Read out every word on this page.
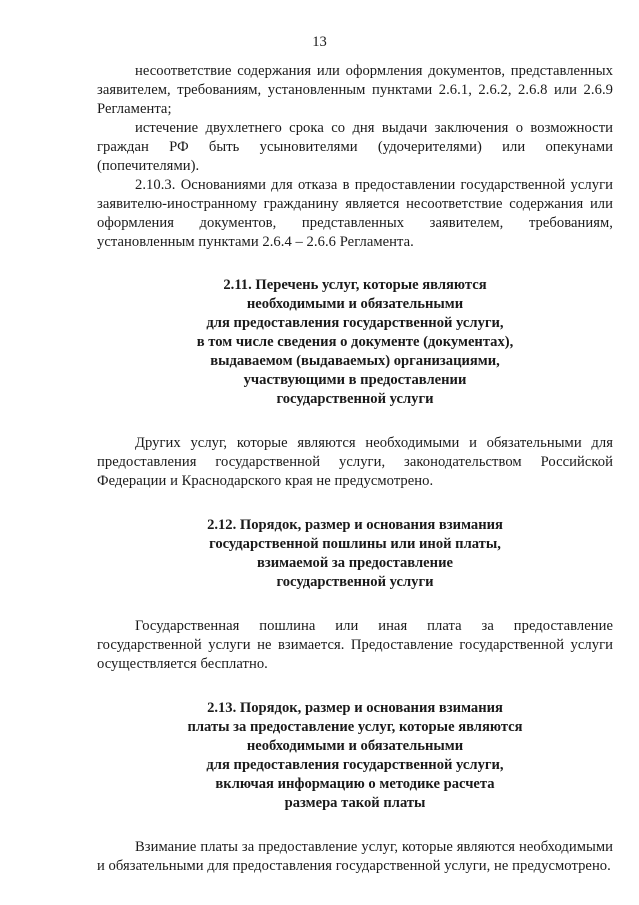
13

несоответствие содержания или оформления документов, представленных заявителем, требованиям, установленным пунктами 2.6.1, 2.6.2, 2.6.8 или 2.6.9 Регламента;

истечение двухлетнего срока со дня выдачи заключения о возможности граждан РФ быть усыновителями (удочерителями) или опекунами (попечителями).

2.10.3. Основаниями для отказа в предоставлении государственной услуги заявителю-иностранному гражданину является несоответствие содержания или оформления документов, представленных заявителем, требованиям, установленным пунктами 2.6.4 – 2.6.6 Регламента.

2.11. Перечень услуг, которые являются
необходимыми и обязательными
для предоставления государственной услуги,
в том числе сведения о документе (документах),
выдаваемом (выдаваемых) организациями,
участвующими в предоставлении
государственной услуги

Других услуг, которые являются необходимыми и обязательными для предоставления государственной услуги, законодательством Российской Федерации и Краснодарского края не предусмотрено.

2.12. Порядок, размер и основания взимания
государственной пошлины или иной платы,
взимаемой за предоставление
государственной услуги

Государственная пошлина или иная плата за предоставление государственной услуги не взимается. Предоставление государственной услуги осуществляется бесплатно.

2.13. Порядок, размер и основания взимания
платы за предоставление услуг, которые являются
необходимыми и обязательными
для предоставления государственной услуги,
включая информацию о методике расчета
размера такой платы

Взимание платы за предоставление услуг, которые являются необходимыми и обязательными для предоставления государственной услуги, не предусмотрено.
